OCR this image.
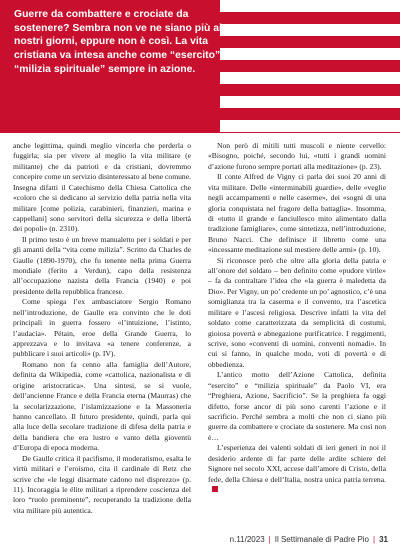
Guerre da combattere e crociate da sostenere? Sembra non ve ne siano più ai nostri giorni, eppure non è così. La vita cristiana va intesa anche come “esercito” e “milizia spirituale” sempre in azione.

anche legittima, quindi meglio vincerla che perderla o fuggirla; sia per vivere al meglio la vita militare (e militante) che da patrioti e da cristiani, dovremmo concepire come un servizio disinteressato al bene comune. Insegna difatti il Catechismo della Chiesa Cattolica che «coloro che si dedicano al servizio della patria nella vita militare [come polizia, carabinieri, finanzieri, marina e cappellani] sono servitori della sicurezza e della libertà dei popoli» (n. 2310).

Il primo testo è un breve manualetto per i soldati e per gli amanti della “vita come milizia”. Scritto da Charles de Gaulle (1890-1970), che fu tenente nella prima Guerra mondiale (ferito a Verdun), capo della resistenza all’occupazione nazista della Francia (1940) e poi presidente della repubblica francese.

Come spiega l’ex ambasciatore Sergio Romano nell’introduzione, de Gaulle era convinto che le doti principali in guerra fossero «l’intuizione, l’istinto, l’audacia». Pétain, eroe della Grande Guerra, lo apprezzava e lo invitava «a tenere conferenze, a pubblicare i suoi articoli» (p. IV).

Romano non fa cenno alla famiglia dell’Autore, definita da Wikipedia, come «cattolica, nazionalista e di origine aristocratica». Una sintesi, se si vuole, dell’ancienne France e della Francia eterna (Maurras) che la secolarizzazione, l’islamizzazione e la Massoneria hanno cancellato. Il futuro presidente, quindi, parla qui alla luce della secolare tradizione di difesa della patria e della bandiera che era lustro e vanto della gioventù d’Europa di epoca moderna.

De Gaulle critica il pacifismo, il moderatismo, esalta le virtù militari e l’eroismo, cita il cardinale di Retz che scrive che «le leggi disarmate cadono nel disprezzo» (p. 11). Incoraggia le élite militari a riprendere coscienza del loro “ruolo preminente”, recuperando la tradizione della vita militare più autentica.

Non però di mitili tutti muscoli e niente cervello: «Bisogno, poiché, secondo lui, «tutti i grandi uomini d’azione furono sempre portati alla meditazione» (p. 23).

Il conte Alfred de Vigny ci parla dei suoi 20 anni di vita militare. Delle «interminabili guardie», delle «veglie negli accampamenti e nelle caserme», dei «sogni di una gloria conquistata nel fragore della battaglia». Insomma, di «tutto il grande e fanciullesco mito alimentato dalla tradizione famigliare», come sintetizza, nell’introduzione, Bruno Nacci. Che definisce il libretto come una «incessante meditazione sul mestiere delle armi» (p. 10).

Si riconosce però che oltre alla gloria della patria e all’onore del soldato – ben definito come «pudore virile» – fa da contraltare l’idea che «la guerra è maledetta da Dio». Per Vigny, un po’ credente un po’ agnostico, c’è una somiglianza tra la caserma e il convento, tra l’ascetica militare e l’ascesi religiosa. Descrive infatti la vita del soldato come caratterizzata da semplicità di costumi, gioiosa povertà e abnegazione purificatrice. I reggimenti, scrive, sono «conventi di uomini, conventi nomadi». In cui si fanno, in qualche modo, voti di povertà e di obbedienza.

L’antico motto dell’Azione Cattolica, definita “esercito” e “milizia spirituale” da Paolo VI, era “Preghiera, Azione, Sacrificio”. Se la preghiera fa oggi difetto, forse ancor di più sono carenti l’azione e il sacrificio. Perché sembra a molti che non ci siano più guerre da combattere e crociate da sostenere. Ma così non è…

L’esperienza dei valenti soldati di ieri generi in noi il desiderio ardente di far parte delle ardite schiere del Signore nel secolo XXI, accese dall’amore di Cristo, della fede, della Chiesa e dell’Italia, nostra unica patria terrena.

n.11/2023 | Il Settimanale di Padre Pio | 31
